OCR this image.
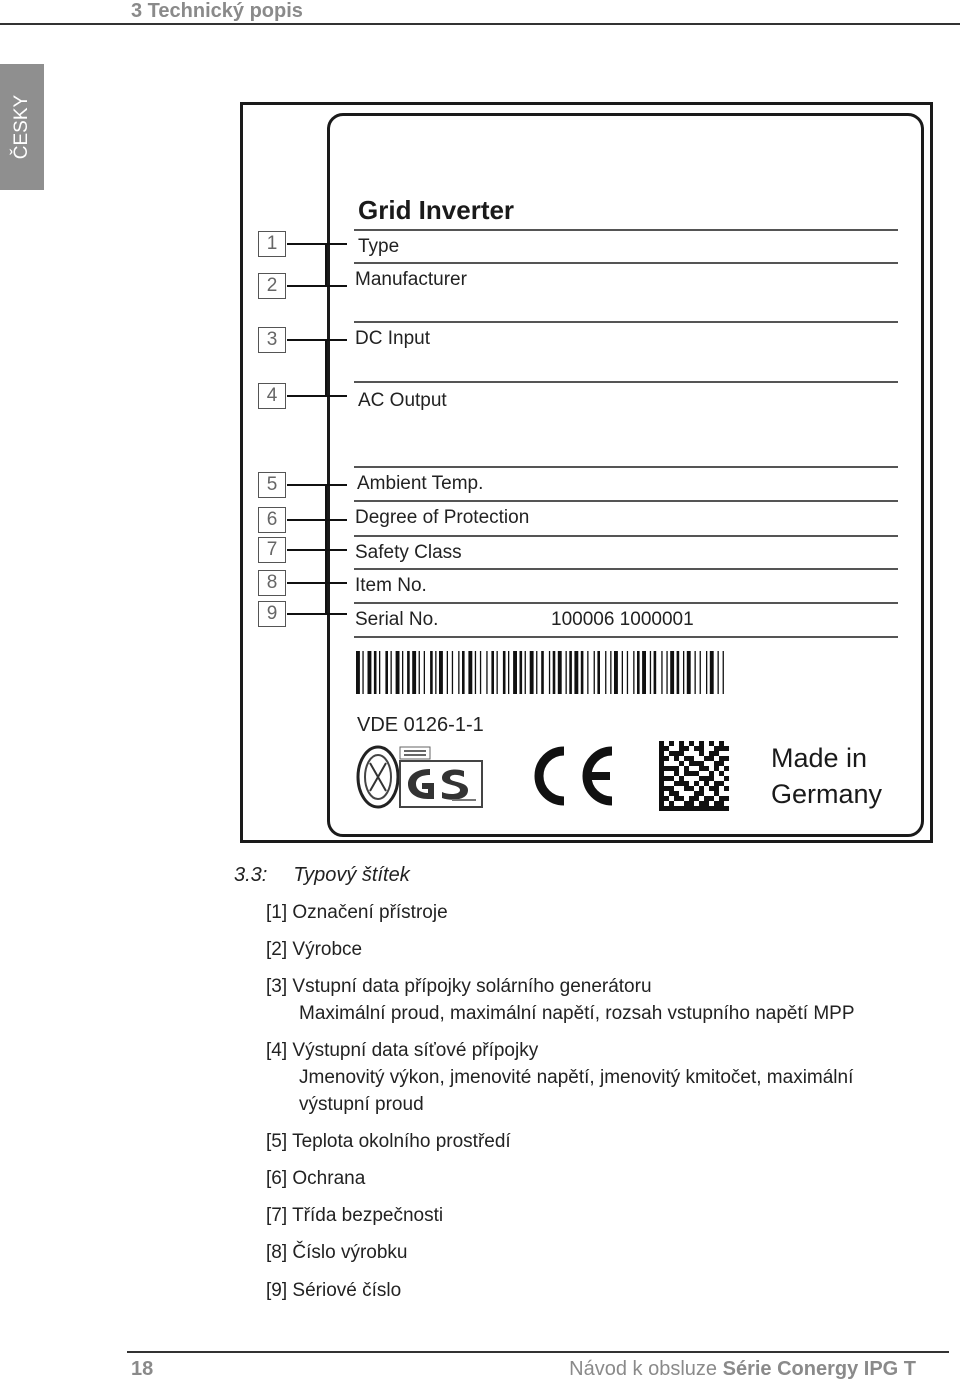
3 Technický popis
ČESKY
Grid Inverter
Type
Manufacturer
DC Input
AC Output
Ambient Temp.
Degree of Protection
Safety Class
Item No.
Serial No.	100006 1000001
1
2
3
4
5
6
7
8
9
VDE 0126-1-1
Made in
Germany
3.3: Typový štítek
[1] Označení přístroje
[2] Výrobce
[3] Vstupní data přípojky solárního generátoru
Maximální proud, maximální napětí, rozsah vstupního napětí MPP
[4] Výstupní data síťové přípojky
Jmenovitý výkon, jmenovité napětí, jmenovitý kmitočet, maximální
výstupní proud
[5] Teplota okolního prostředí
[6] Ochrana
[7] Třída bezpečnosti
[8] Číslo výrobku
[9] Sériové číslo
18	Návod k obsluze Série Conergy IPG T
